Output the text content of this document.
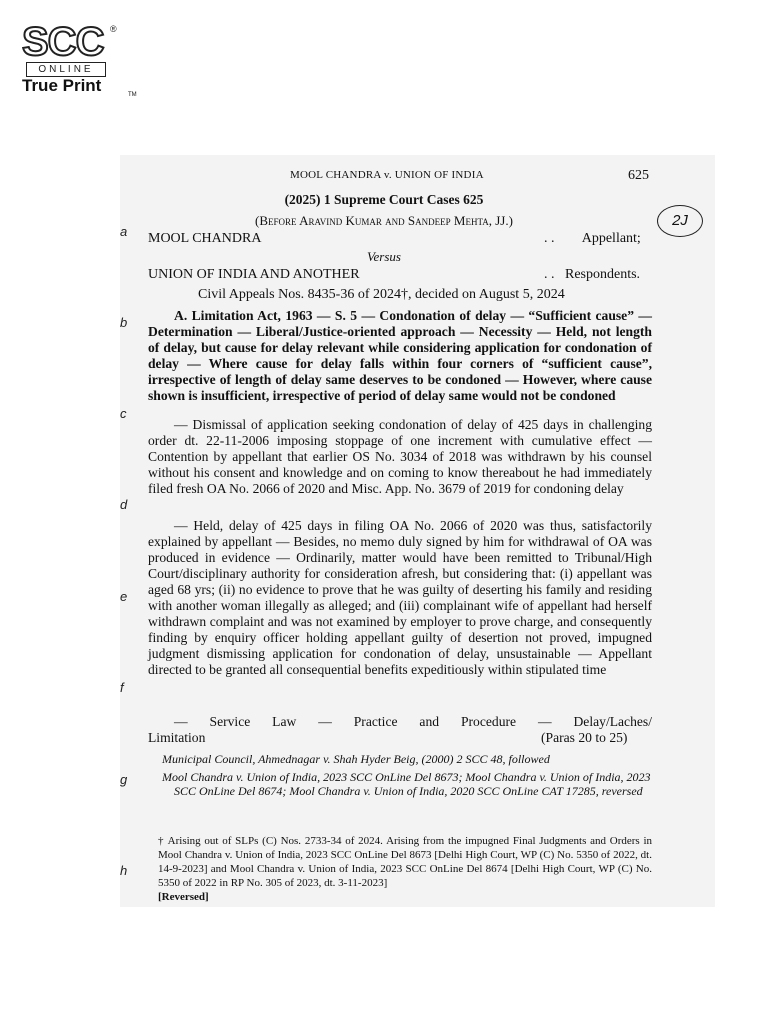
SCC ®
ONLINE
True Print	TM
a
b
c
d
e
f
g
h
MOOL CHANDRA v. UNION OF INDIA	625
(2025) 1 Supreme Court Cases 625
(Before Aravind Kumar and Sandeep Mehta, JJ.)	2J
MOOL CHANDRA	. .        Appellant;
Versus
UNION OF INDIA AND ANOTHER	. .   Respondents.
Civil Appeals Nos. 8435-36 of 2024†, decided on August 5, 2024
A. Limitation Act, 1963 — S. 5 — Condonation of delay — “Sufficient cause” — Determination — Liberal/Justice-oriented approach — Necessity — Held, not length of delay, but cause for delay relevant while considering application for condonation of delay — Where cause for delay falls within four corners of “sufficient cause”, irrespective of length of delay same deserves to be condoned — However, where cause shown is insufficient, irrespective of period of delay same would not be condoned
— Dismissal of application seeking condonation of delay of 425 days in challenging order dt. 22-11-2006 imposing stoppage of one increment with cumulative effect — Contention by appellant that earlier OS No. 3034 of 2018 was withdrawn by his counsel without his consent and knowledge and on coming to know thereabout he had immediately filed fresh OA No. 2066 of 2020 and Misc. App. No. 3679 of 2019 for condoning delay
— Held, delay of 425 days in filing OA No. 2066 of 2020 was thus, satisfactorily explained by appellant — Besides, no memo duly signed by him for withdrawal of OA was produced in evidence — Ordinarily, matter would have been remitted to Tribunal/High Court/disciplinary authority for consideration afresh, but considering that: (i) appellant was aged 68 yrs; (ii) no evidence to prove that he was guilty of deserting his family and residing with another woman illegally as alleged; and (iii) complainant wife of appellant had herself withdrawn complaint and was not examined by employer to prove charge, and consequently finding by enquiry officer holding appellant guilty of desertion not proved, impugned judgment dismissing application for condonation of delay, unsustainable — Appellant directed to be granted all consequential benefits expeditiously within stipulated time
— Service Law — Practice and Procedure — Delay/Laches/
Limitation	(Paras 20 to 25)
Municipal Council, Ahmednagar v. Shah Hyder Beig, (2000) 2 SCC 48, followed
Mool Chandra v. Union of India, 2023 SCC OnLine Del 8673; Mool Chandra v. Union of India, 2023 SCC OnLine Del 8674; Mool Chandra v. Union of India, 2020 SCC OnLine CAT 17285, reversed
† Arising out of SLPs (C) Nos. 2733-34 of 2024. Arising from the impugned Final Judgments and Orders in Mool Chandra v. Union of India, 2023 SCC OnLine Del 8673 [Delhi High Court, WP (C) No. 5350 of 2022, dt. 14-9-2023] and Mool Chandra v. Union of India, 2023 SCC OnLine Del 8674 [Delhi High Court, WP (C) No. 5350 of 2022 in RP No. 305 of 2023, dt. 3-11-2023]
[Reversed]
